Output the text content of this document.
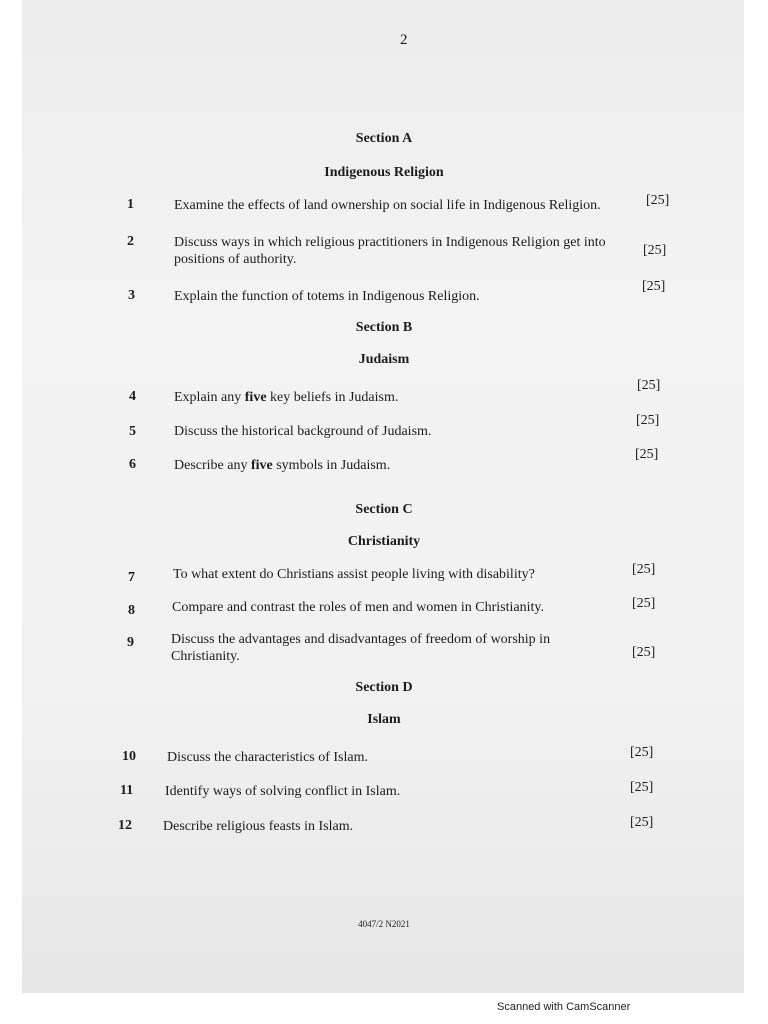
2
Section A
Indigenous Religion
1	Examine the effects of land ownership on social life in Indigenous Religion.	[25]
2	Discuss ways in which religious practitioners in Indigenous Religion get into positions of authority.
[25]
3	Explain the function of totems in Indigenous Religion.
[25]
Section B
Judaism
4	Explain any five key beliefs in Judaism.
[25]
5	Discuss the historical background of Judaism.
[25]
6	Describe any five symbols in Judaism.
[25]
Section C
Christianity
7	To what extent do Christians assist people living with disability?	[25]
8	Compare and contrast the roles of men and women in Christianity.	[25]
9	Discuss the advantages and disadvantages of freedom of worship in Christianity.	[25]
Section D
Islam
10 Discuss the characteristics of Islam.	[25]
11 Identify ways of solving conflict in Islam.	[25]
12 Describe religious feasts in Islam.	[25]
4047/2 N2021
Scanned with CamScanner
